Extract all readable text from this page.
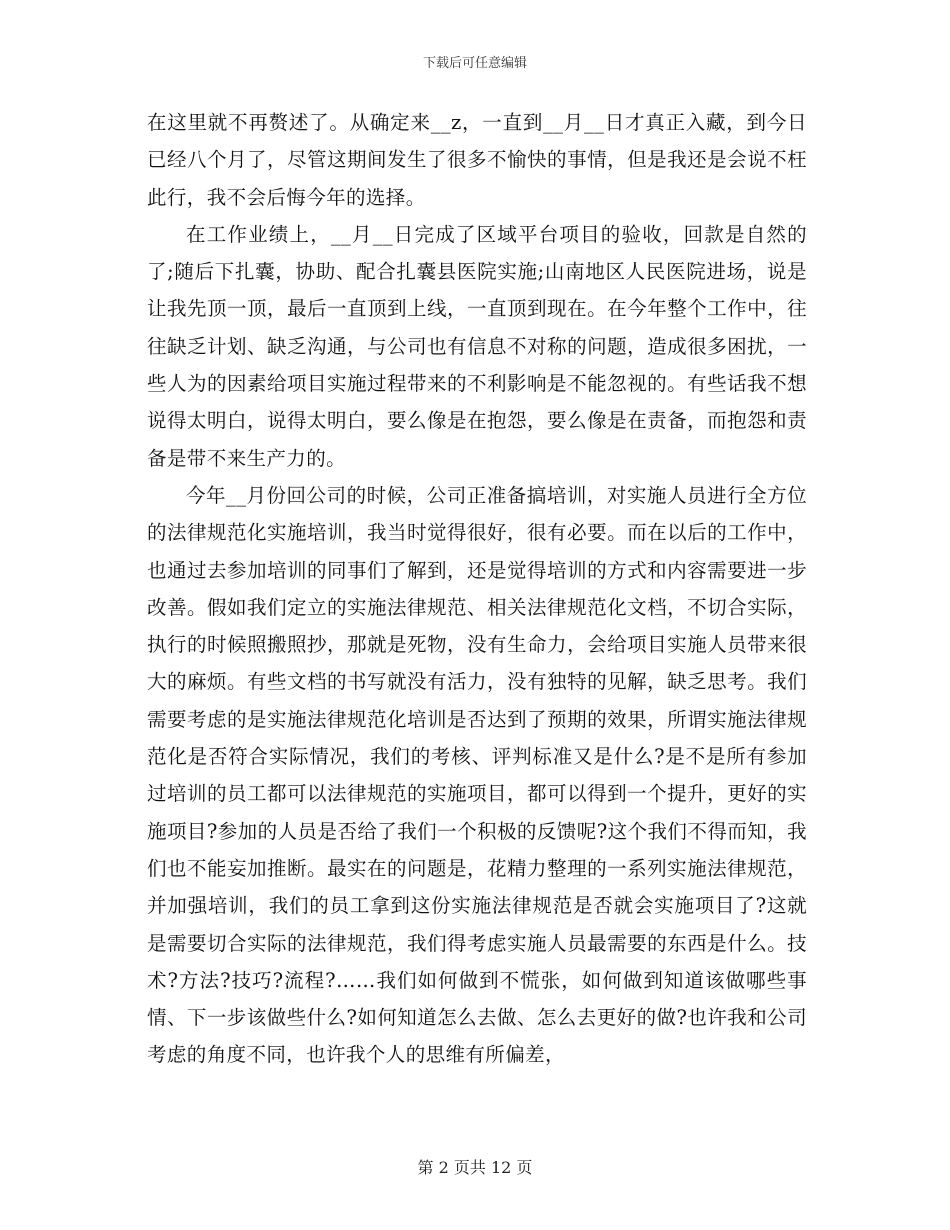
下载后可任意编辑

在这里就不再赘述了。从确定来__z，一直到__月__日才真正入藏，到今日已经八个月了，尽管这期间发生了很多不愉快的事情，但是我还是会说不枉此行，我不会后悔今年的选择。

在工作业绩上，__月__日完成了区域平台项目的验收，回款是自然的了;随后下扎囊，协助、配合扎囊县医院实施;山南地区人民医院进场，说是让我先顶一顶，最后一直顶到上线，一直顶到现在。在今年整个工作中，往往缺乏计划、缺乏沟通，与公司也有信息不对称的问题，造成很多困扰，一些人为的因素给项目实施过程带来的不利影响是不能忽视的。有些话我不想说得太明白，说得太明白，要么像是在抱怨，要么像是在责备，而抱怨和责备是带不来生产力的。

今年__月份回公司的时候，公司正准备搞培训，对实施人员进行全方位的法律规范化实施培训，我当时觉得很好，很有必要。而在以后的工作中，也通过去参加培训的同事们了解到，还是觉得培训的方式和内容需要进一步改善。假如我们定立的实施法律规范、相关法律规范化文档，不切合实际，执行的时候照搬照抄，那就是死物，没有生命力，会给项目实施人员带来很大的麻烦。有些文档的书写就没有活力，没有独特的见解，缺乏思考。我们需要考虑的是实施法律规范化培训是否达到了预期的效果，所谓实施法律规范化是否符合实际情况，我们的考核、评判标准又是什么?是不是所有参加过培训的员工都可以法律规范的实施项目，都可以得到一个提升，更好的实施项目?参加的人员是否给了我们一个积极的反馈呢?这个我们不得而知，我们也不能妄加推断。最实在的问题是，花精力整理的一系列实施法律规范，并加强培训，我们的员工拿到这份实施法律规范是否就会实施项目了?这就是需要切合实际的法律规范，我们得考虑实施人员最需要的东西是什么。技术?方法?技巧?流程?……我们如何做到不慌张，如何做到知道该做哪些事情、下一步该做些什么?如何知道怎么去做、怎么去更好的做?也许我和公司考虑的角度不同，也许我个人的思维有所偏差，

第 2 页共 12 页
